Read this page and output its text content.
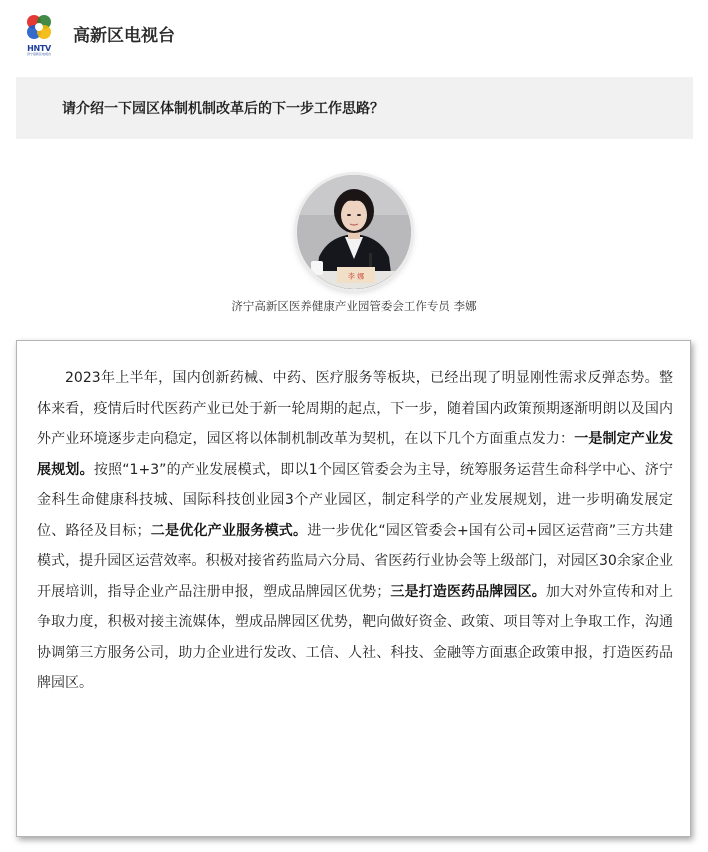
HNTV
济宁高新区电视台
高新区电视台
请介绍一下园区体制机制改革后的下一步工作思路？
李 娜
济宁高新区医养健康产业园管委会工作专员 李娜

2023年上半年，国内创新药械、中药、医疗服务等板块，已经出现了明显刚性需求反弹态势。整体来看，疫情后时代医药产业已处于新一轮周期的起点，下一步，随着国内政策预期逐渐明朗以及国内外产业环境逐步走向稳定，园区将以体制机制改革为契机，在以下几个方面重点发力：一是制定产业发展规划。按照“1+3”的产业发展模式，即以1个园区管委会为主导，统筹服务运营生命科学中心、济宁金科生命健康科技城、国际科技创业园3个产业园区，制定科学的产业发展规划，进一步明确发展定位、路径及目标；二是优化产业服务模式。进一步优化“园区管委会+国有公司+园区运营商”三方共建模式，提升园区运营效率。积极对接省药监局六分局、省医药行业协会等上级部门，对园区30余家企业开展培训，指导企业产品注册申报，塑成品牌园区优势；三是打造医药品牌园区。加大对外宣传和对上争取力度，积极对接主流媒体，塑成品牌园区优势，靶向做好资金、政策、项目等对上争取工作，沟通协调第三方服务公司，助力企业进行发改、工信、人社、科技、金融等方面惠企政策申报，打造医药品牌园区。
